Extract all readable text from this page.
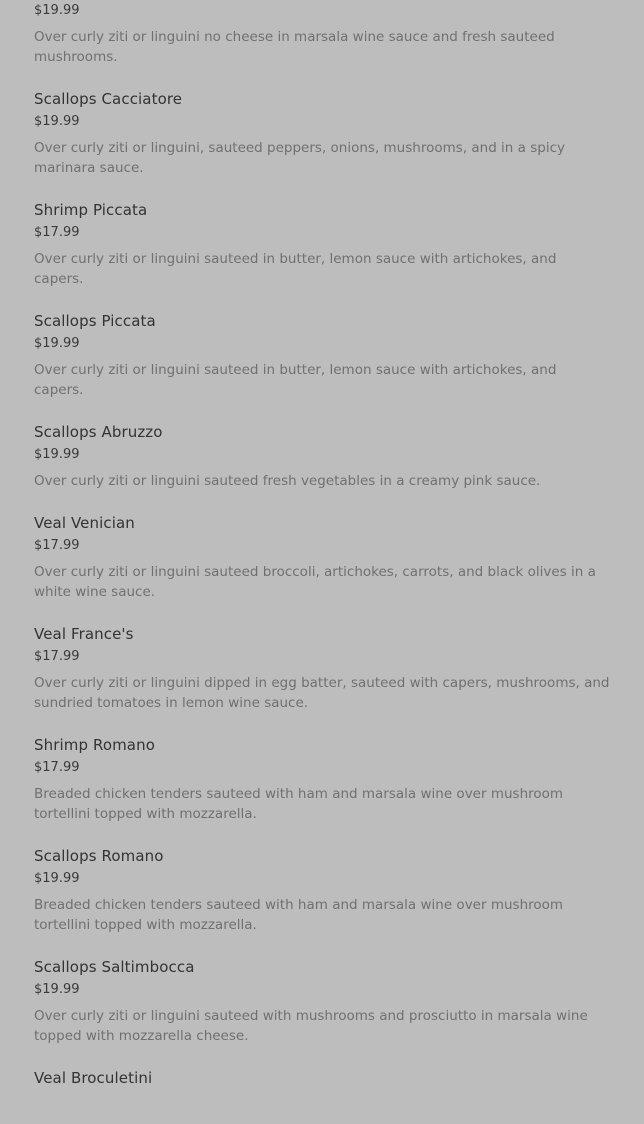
$19.99
Over curly ziti or linguini no cheese in marsala wine sauce and fresh sauteed mushrooms.
Scallops Cacciatore
$19.99
Over curly ziti or linguini, sauteed peppers, onions, mushrooms, and in a spicy marinara sauce.
Shrimp Piccata
$17.99
Over curly ziti or linguini sauteed in butter, lemon sauce with artichokes, and capers.
Scallops Piccata
$19.99
Over curly ziti or linguini sauteed in butter, lemon sauce with artichokes, and capers.
Scallops Abruzzo
$19.99
Over curly ziti or linguini sauteed fresh vegetables in a creamy pink sauce.
Veal Venician
$17.99
Over curly ziti or linguini sauteed broccoli, artichokes, carrots, and black olives in a white wine sauce.
Veal France's
$17.99
Over curly ziti or linguini dipped in egg batter, sauteed with capers, mushrooms, and sundried tomatoes in lemon wine sauce.
Shrimp Romano
$17.99
Breaded chicken tenders sauteed with ham and marsala wine over mushroom tortellini topped with mozzarella.
Scallops Romano
$19.99
Breaded chicken tenders sauteed with ham and marsala wine over mushroom tortellini topped with mozzarella.
Scallops Saltimbocca
$19.99
Over curly ziti or linguini sauteed with mushrooms and prosciutto in marsala wine topped with mozzarella cheese.
Veal Broculetini
